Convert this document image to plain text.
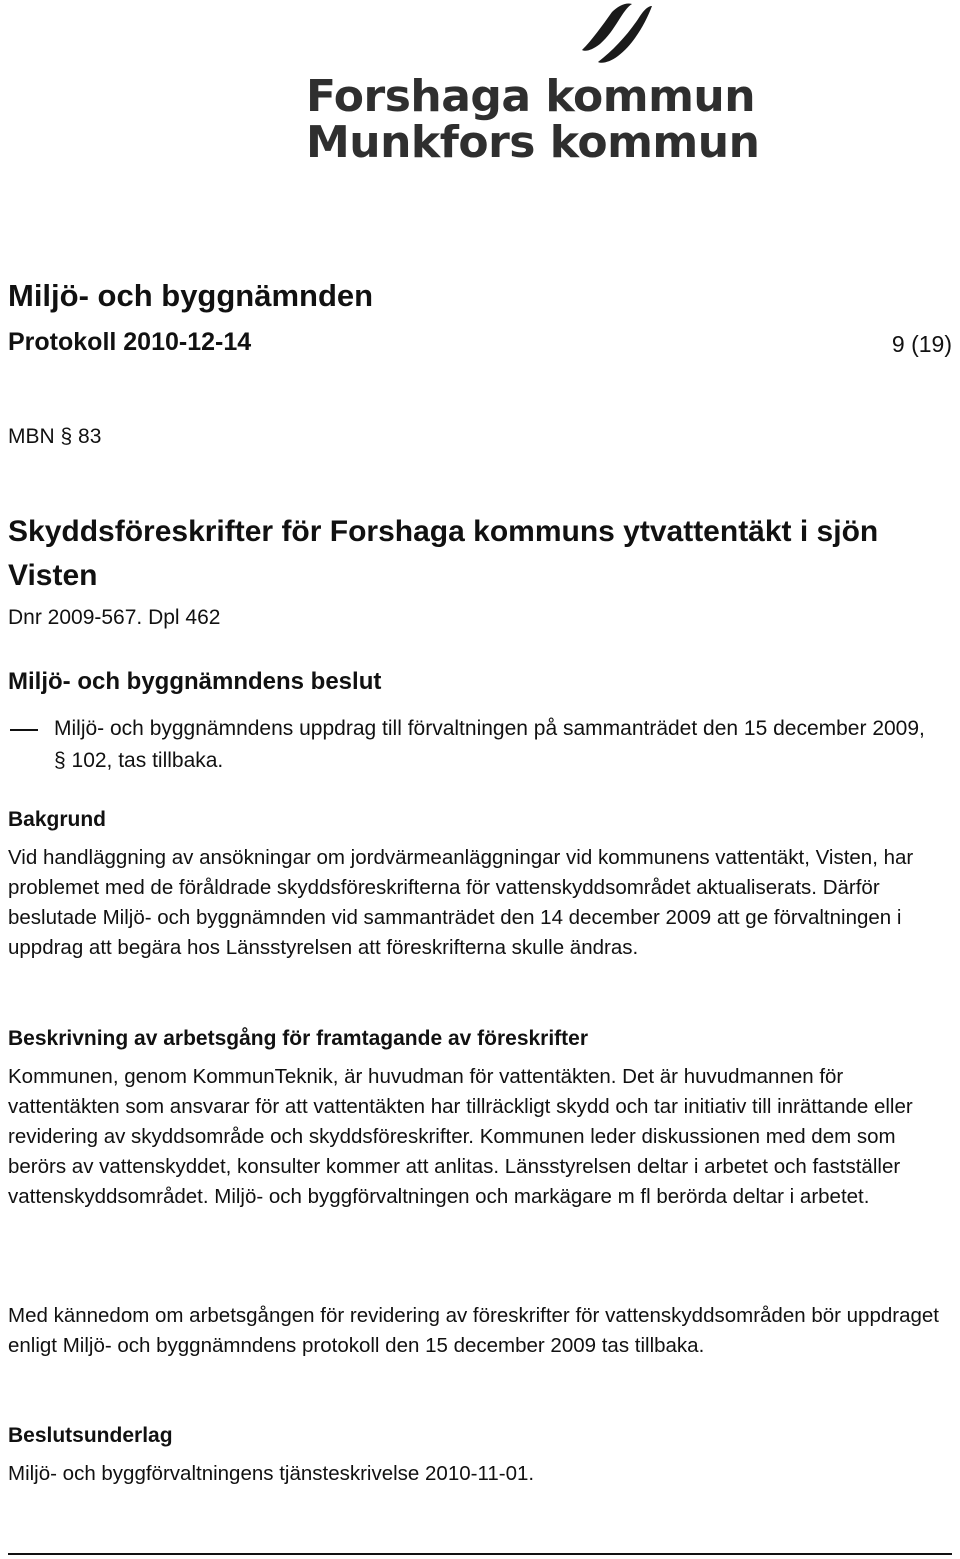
Forshaga kommun
Munkfors kommun
Miljö- och byggnämnden
Protokoll 2010-12-14	9 (19)
MBN § 83
Skyddsföreskrifter för Forshaga kommuns ytvattentäkt i sjön Visten
Dnr 2009-567. Dpl 462
Miljö- och byggnämndens beslut
Miljö- och byggnämndens uppdrag till förvaltningen på sammanträdet den 15 december 2009, § 102, tas tillbaka.
Bakgrund
Vid handläggning av ansökningar om jordvärmeanläggningar vid kommunens vattentäkt, Visten, har problemet med de föråldrade skyddsföreskrifterna för vattenskyddsområdet aktualiserats. Därför beslutade Miljö- och byggnämnden vid sammanträdet den 14 december 2009 att ge förvaltningen i uppdrag att begära hos Länsstyrelsen att föreskrifterna skulle ändras.
Beskrivning av arbetsgång för framtagande av föreskrifter
Kommunen, genom KommunTeknik, är huvudman för vattentäkten. Det är huvudmannen för vattentäkten som ansvarar för att vattentäkten har tillräckligt skydd och tar initiativ till inrättande eller revidering av skyddsområde och skyddsföreskrifter. Kommunen leder diskussionen med dem som berörs av vattenskyddet, konsulter kommer att anlitas. Länsstyrelsen deltar i arbetet och fastställer vattenskyddsområdet. Miljö- och byggförvaltningen och markägare m fl berörda deltar i arbetet.
Med kännedom om arbetsgången för revidering av föreskrifter för vattenskyddsområden bör uppdraget enligt Miljö- och byggnämndens protokoll den 15 december 2009 tas tillbaka.
Beslutsunderlag
Miljö- och byggförvaltningens tjänsteskrivelse 2010-11-01.
